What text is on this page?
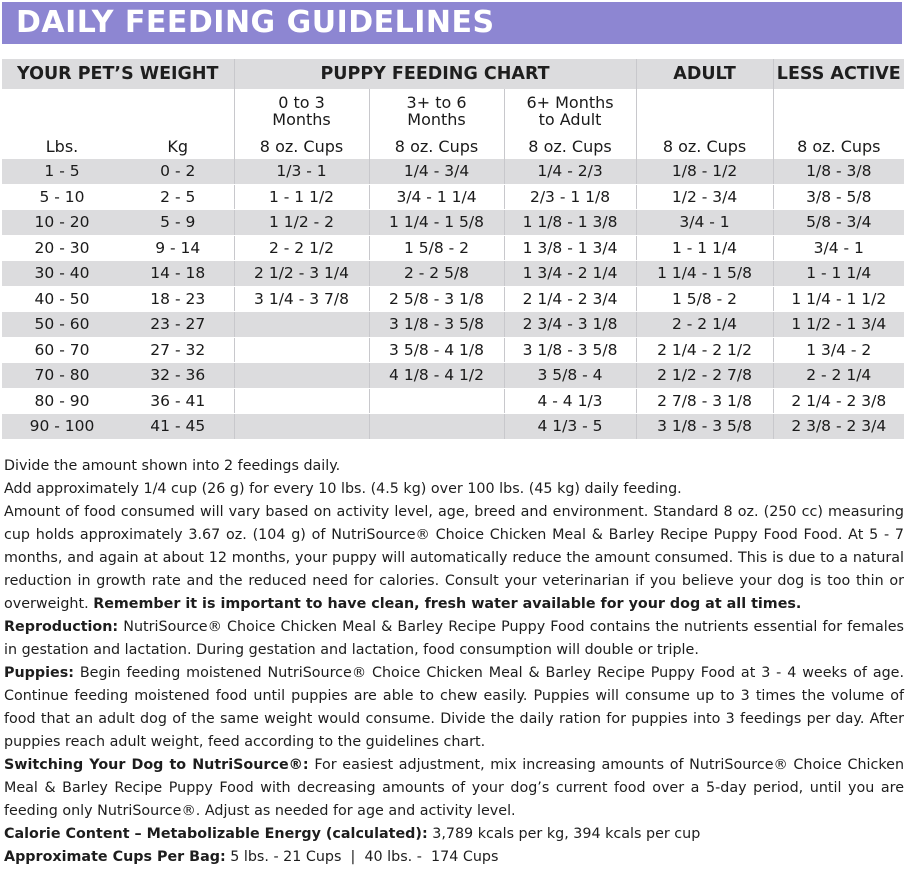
DAILY FEEDING GUIDELINES
YOUR PET’S WEIGHT		PUPPY FEEDING CHART			ADULT	LESS ACTIVE

		0 to 3 Months	3+ to 6 Months	6+ Months to Adult		

Lbs.	Kg	8 oz. Cups	8 oz. Cups	8 oz. Cups	8 oz. Cups	8 oz. Cups
1 - 5	0 - 2	1/3 - 1	1/4 - 3/4	1/4 - 2/3	1/8 - 1/2	1/8 - 3/8
5 - 10	2 - 5	1 - 1 1/2	3/4 - 1 1/4	2/3 - 1 1/8	1/2 - 3/4	3/8 - 5/8
10 - 20	5 - 9	1 1/2 - 2	1 1/4 - 1 5/8	1 1/8 - 1 3/8	3/4 - 1	5/8 - 3/4
20 - 30	9 - 14	2 - 2 1/2	1 5/8 - 2	1 3/8 - 1 3/4	1 - 1 1/4	3/4 - 1
30 - 40	14 - 18	2 1/2 - 3 1/4	2 - 2 5/8	1 3/4 - 2 1/4	1 1/4 - 1 5/8	1 - 1 1/4
40 - 50	18 - 23	3 1/4 - 3 7/8	2 5/8 - 3 1/8	2 1/4 - 2 3/4	1 5/8 - 2	1 1/4 - 1 1/2
50 - 60	23 - 27		3 1/8 - 3 5/8	2 3/4 - 3 1/8	2 - 2 1/4	1 1/2 - 1 3/4
60 - 70	27 - 32		3 5/8 - 4 1/8	3 1/8 - 3 5/8	2 1/4 - 2 1/2	1 3/4 - 2
70 - 80	32 - 36		4 1/8 - 4 1/2	3 5/8 - 4	2 1/2 - 2 7/8	2 - 2 1/4
80 - 90	36 - 41			4 - 4 1/3	2 7/8 - 3 1/8	2 1/4 - 2 3/8
90 - 100	41 - 45			4 1/3 - 5	3 1/8 - 3 5/8	2 3/8 - 2 3/4

Divide the amount shown into 2 feedings daily.

Add approximately 1/4 cup (26 g) for every 10 lbs. (4.5 kg) over 100 lbs. (45 kg) daily feeding.

Amount of food consumed will vary based on activity level, age, breed and environment. Standard 8 oz. (250 cc) measuring cup holds approximately 3.67 oz. (104 g) of NutriSource® Choice Chicken Meal & Barley Recipe Puppy Food Food. At 5 - 7 months, and again at about 12 months, your puppy will automatically reduce the amount consumed. This is due to a natural reduction in growth rate and the reduced need for calories. Consult your veterinarian if you believe your dog is too thin or overweight. Remember it is important to have clean, fresh water available for your dog at all times.

Reproduction: NutriSource® Choice Chicken Meal & Barley Recipe Puppy Food contains the nutrients essential for females in gestation and lactation. During gestation and lactation, food consumption will double or triple.

Puppies: Begin feeding moistened NutriSource® Choice Chicken Meal & Barley Recipe Puppy Food at 3 - 4 weeks of age. Continue feeding moistened food until puppies are able to chew easily. Puppies will consume up to 3 times the volume of food that an adult dog of the same weight would consume. Divide the daily ration for puppies into 3 feedings per day. After puppies reach adult weight, feed according to the guidelines chart.

Switching Your Dog to NutriSource®: For easiest adjustment, mix increasing amounts of NutriSource® Choice Chicken Meal & Barley Recipe Puppy Food with decreasing amounts of your dog’s current food over a 5-day period, until you are feeding only NutriSource®. Adjust as needed for age and activity level.

Calorie Content – Metabolizable Energy (calculated): 3,789 kcals per kg, 394 kcals per cup

Approximate Cups Per Bag: 5 lbs. - 21 Cups  |  40 lbs. -  174 Cups
